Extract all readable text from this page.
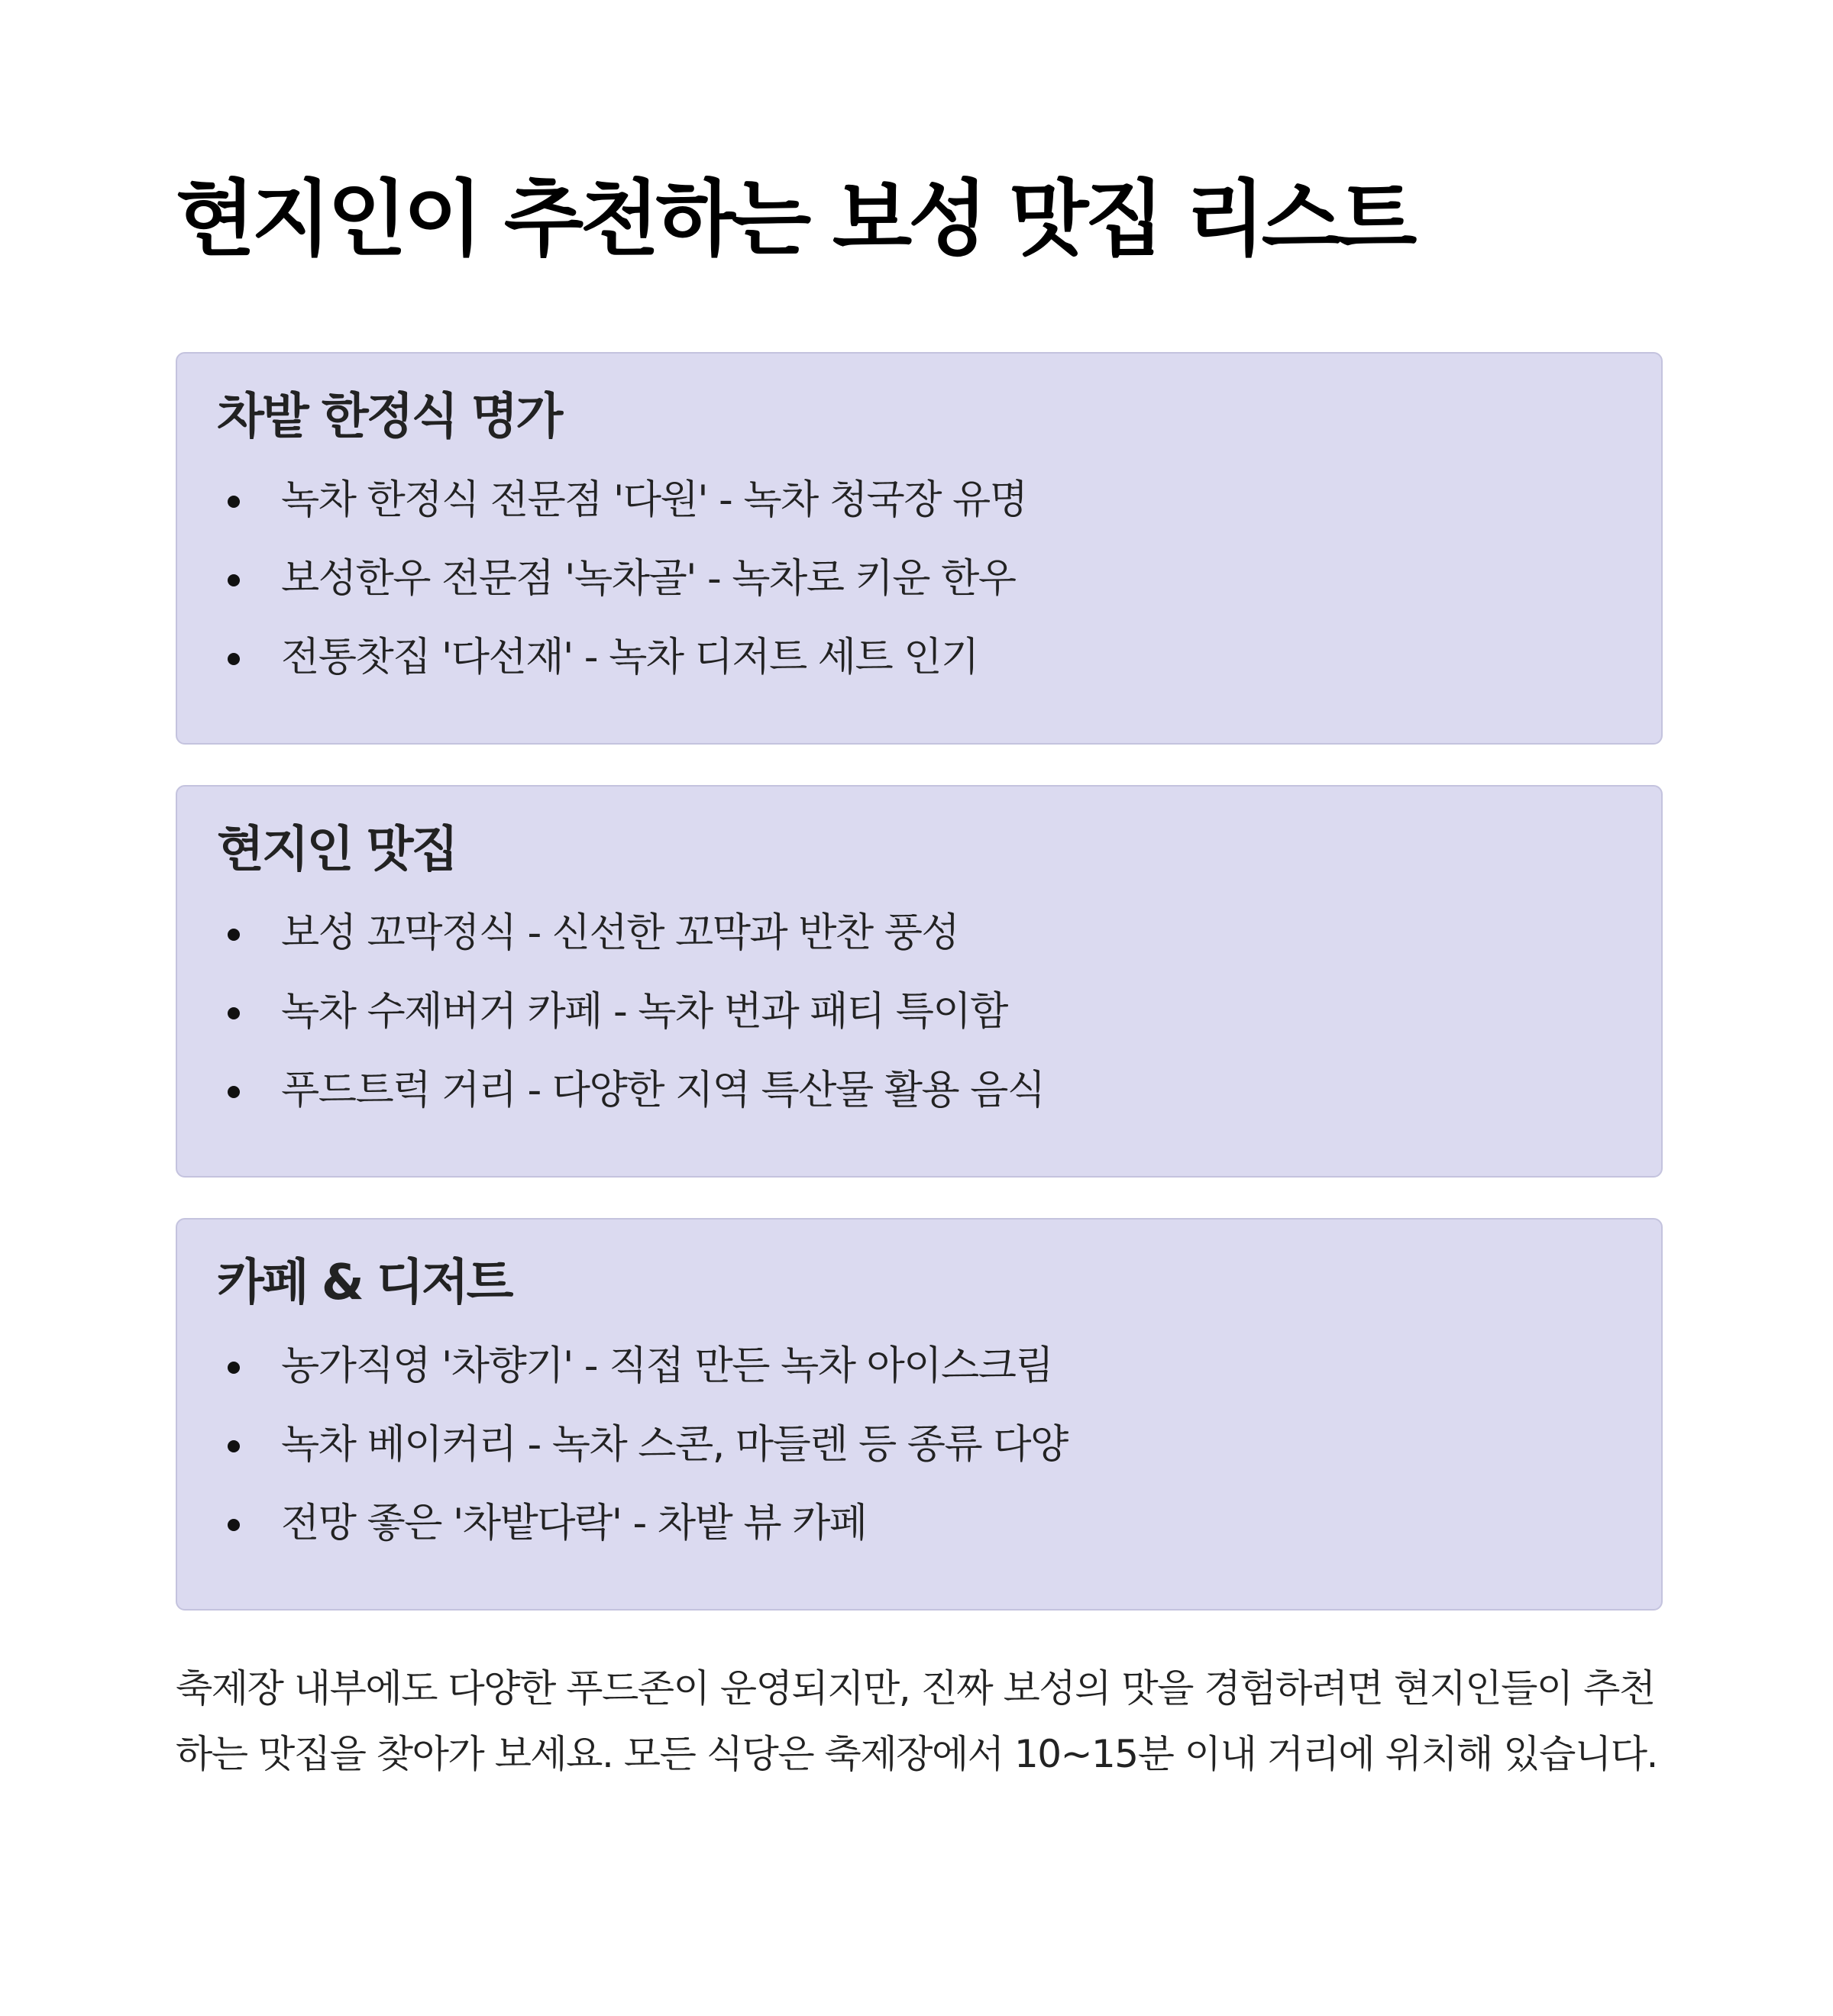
현지인이 추천하는 보성 맛집 리스트
차밭 한정식 명가
녹차 한정식 전문점 '다원' - 녹차 청국장 유명
보성한우 전문점 '녹차골' - 녹차로 키운 한우
전통찻집 '다선재' - 녹차 디저트 세트 인기
현지인 맛집
보성 꼬막정식 - 신선한 꼬막과 반찬 풍성
녹차 수제버거 카페 - 녹차 번과 패티 특이함
푸드트럭 거리 - 다양한 지역 특산물 활용 음식
카페 & 디저트
농가직영 '차향기' - 직접 만든 녹차 아이스크림
녹차 베이커리 - 녹차 스콘, 마들렌 등 종류 다양
전망 좋은 '차밭다락' - 차밭 뷰 카페

축제장 내부에도 다양한 푸드존이 운영되지만, 진짜 보성의 맛을 경험하려면 현지인들이 추천하는 맛집을 찾아가 보세요. 모든 식당은 축제장에서 10~15분 이내 거리에 위치해 있습니다.
